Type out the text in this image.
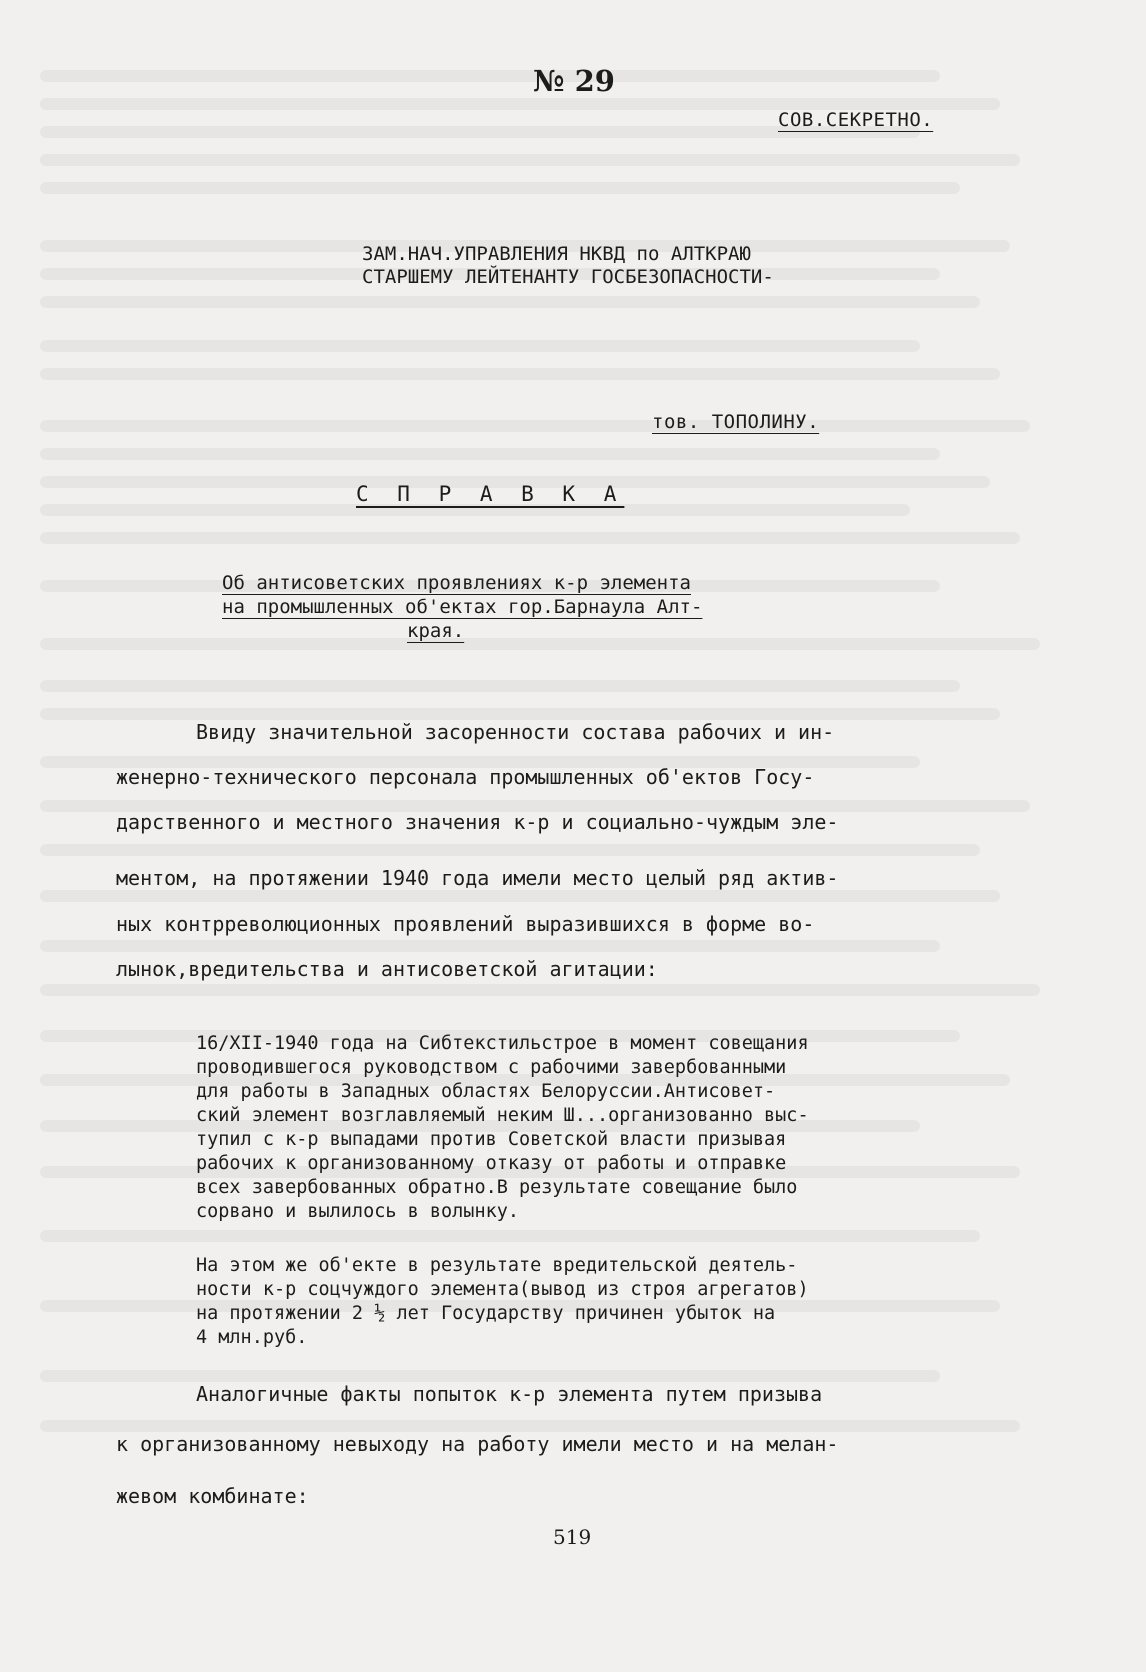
№ 29
СОВ.СЕКРЕТНО.
ЗАМ.НАЧ.УПРАВЛЕНИЯ НКВД по АЛТКРАЮ
СТАРШЕМУ ЛЕЙТЕНАНТУ ГОСБЕЗОПАСНОСТИ-
тов. ТОПОЛИНУ.
С П Р А В К А
Об антисоветских проявлениях к-р элемента
на промышленных об'ектах гор.Барнаула Алт-
края.
Ввиду значительной засоренности состава рабочих и ин-
женерно-технического персонала промышленных об'ектов Госу-
дарственного и местного значения к-р и социально-чуждым эле-
ментом, на протяжении 1940 года имели место целый ряд актив-
ных контрреволюционных проявлений выразившихся в форме во-
лынок,вредительства и антисоветской агитации:
16/XII-1940 года на Сибтекстильстрое в момент совещания
проводившегося руководством с рабочими завербованными
для работы в Западных областях Белоруссии.Антисовет-
ский элемент возглавляемый неким Ш...организованно выс-
тупил с к-р выпадами против Советской власти призывая
рабочих к организованному отказу от работы и отправке
всех завербованных обратно.В результате совещание было
сорвано и вылилось в волынку.
На этом же об'екте в результате вредительской деятель-
ности к-р соцчуждого элемента(вывод из строя агрегатов)
на протяжении 2 ½ лет Государству причинен убыток на
4 млн.руб.
Аналогичные факты попыток к-р элемента путем призыва
к организованному невыходу на работу имели место и на мелан-
жевом комбинате:
519
